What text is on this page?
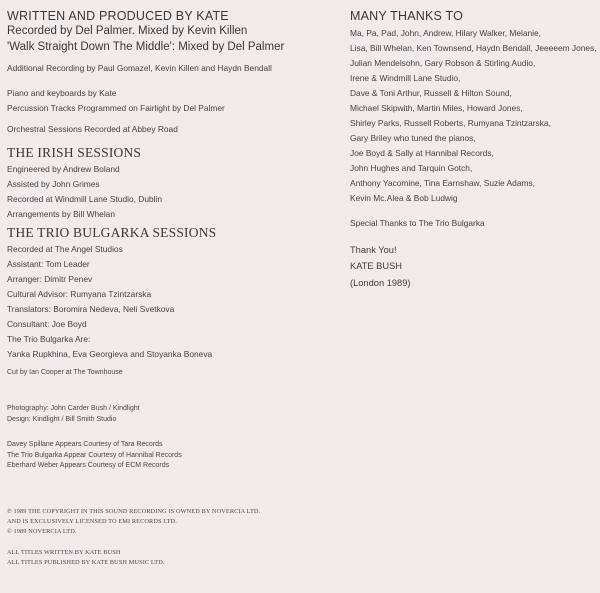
WRITTEN AND PRODUCED BY KATE
Recorded by Del Palmer. Mixed by Kevin Killen
'Walk Straight Down The Middle': Mixed by Del Palmer
Additional Recording by Paul Gomazel, Kevin Killen and Haydn Bendall
Piano and keyboards by Kate
Percussion Tracks Programmed on Fairlight by Del Palmer
Orchestral Sessions Recorded at Abbey Road
THE IRISH SESSIONS
Engineered by Andrew Boland
Assisted by John Grimes
Recorded at Windmill Lane Studio, Dublin
Arrangements by Bill Whelan
THE TRIO BULGARKA SESSIONS
Recorded at The Angel Studios
Assistant: Tom Leader
Arranger: Dimitr Penev
Cultural Advisor: Rumyana Tzintzarska
Translators: Boromira Nedeva, Neli Svetkova
Consultant: Joe Boyd
The Trio Bulgarka Are:
Yanka Rupkhina, Eva Georgieva and Stoyanka Boneva
Cut by Ian Cooper at The Townhouse
Photography: John Carder Bush / Kindlight
Design: Kindlight / Bill Smith Studio
Davey Spillane Appears Courtesy of Tara Records
The Trio Bulgarka Appear Courtesy of Hannibal Records
Eberhard Weber Appears Courtesy of ECM Records
℗ 1989 THE COPYRIGHT IN THIS SOUND RECORDING IS OWNED BY NOVERCIA LTD.
AND IS EXCLUSIVELY LICENSED TO EMI RECORDS LTD.
© 1989 NOVERCIA LTD.
ALL TITLES WRITTEN BY KATE BUSH
ALL TITLES PUBLISHED BY KATE BUSH MUSIC LTD.
MANY THANKS TO
Ma, Pa, Pad, John, Andrew, Hilary Walker, Melanie,
Lisa, Bill Whelan, Ken Townsend, Haydn Bendall, Jeeeeem Jones,
Julian Mendelsohn, Gary Robson & Stirling Audio,
Irene & Windmill Lane Studio,
Dave & Toni Arthur, Russell & Hilton Sound,
Michael Skipwith, Martin Miles, Howard Jones,
Shirley Parks, Russell Roberts, Rumyana Tzintzarska,
Gary Briley who tuned the pianos,
Joe Boyd & Sally at Hannibal Records,
John Hughes and Tarquin Gotch,
Anthony Yacomine, Tina Earnshaw, Suzie Adams,
Kevin Mc.Alea & Bob Ludwig
Special Thanks to The Trio Bulgarka
Thank You!
KATE BUSH
(London 1989)
